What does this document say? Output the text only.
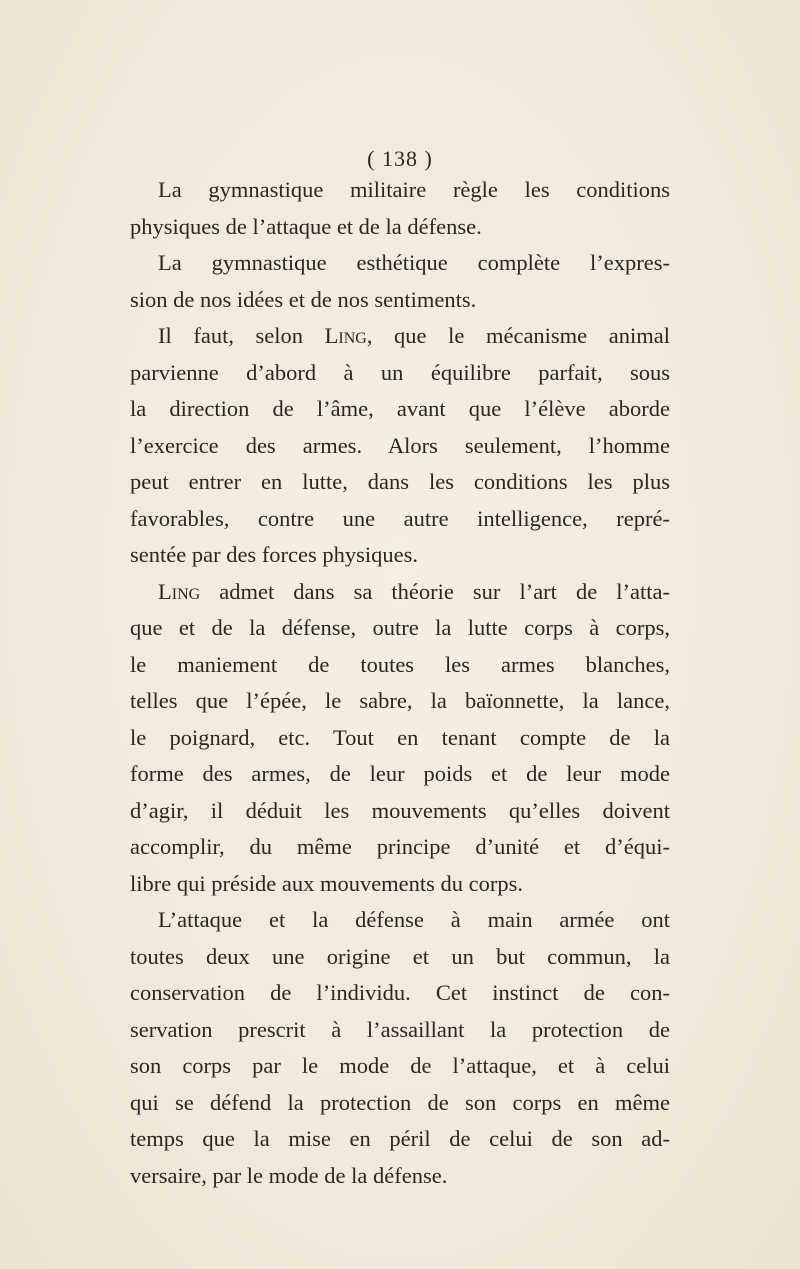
( 138 )
La gymnastique militaire règle les conditions
physiques de l’attaque et de la défense.
La gymnastique esthétique complète l’expres-
sion de nos idées et de nos sentiments.
Il faut, selon Ling, que le mécanisme animal
parvienne d’abord à un équilibre parfait, sous
la direction de l’âme, avant que l’élève aborde
l’exercice des armes. Alors seulement, l’homme
peut entrer en lutte, dans les conditions les plus
favorables, contre une autre intelligence, repré-
sentée par des forces physiques.
Ling admet dans sa théorie sur l’art de l’atta-
que et de la défense, outre la lutte corps à corps,
le maniement de toutes les armes blanches,
telles que l’épée, le sabre, la baïonnette, la lance,
le poignard, etc. Tout en tenant compte de la
forme des armes, de leur poids et de leur mode
d’agir, il déduit les mouvements qu’elles doivent
accomplir, du même principe d’unité et d’équi-
libre qui préside aux mouvements du corps.
L’attaque et la défense à main armée ont
toutes deux une origine et un but commun, la
conservation de l’individu. Cet instinct de con-
servation prescrit à l’assaillant la protection de
son corps par le mode de l’attaque, et à celui
qui se défend la protection de son corps en même
temps que la mise en péril de celui de son ad-
versaire, par le mode de la défense.
